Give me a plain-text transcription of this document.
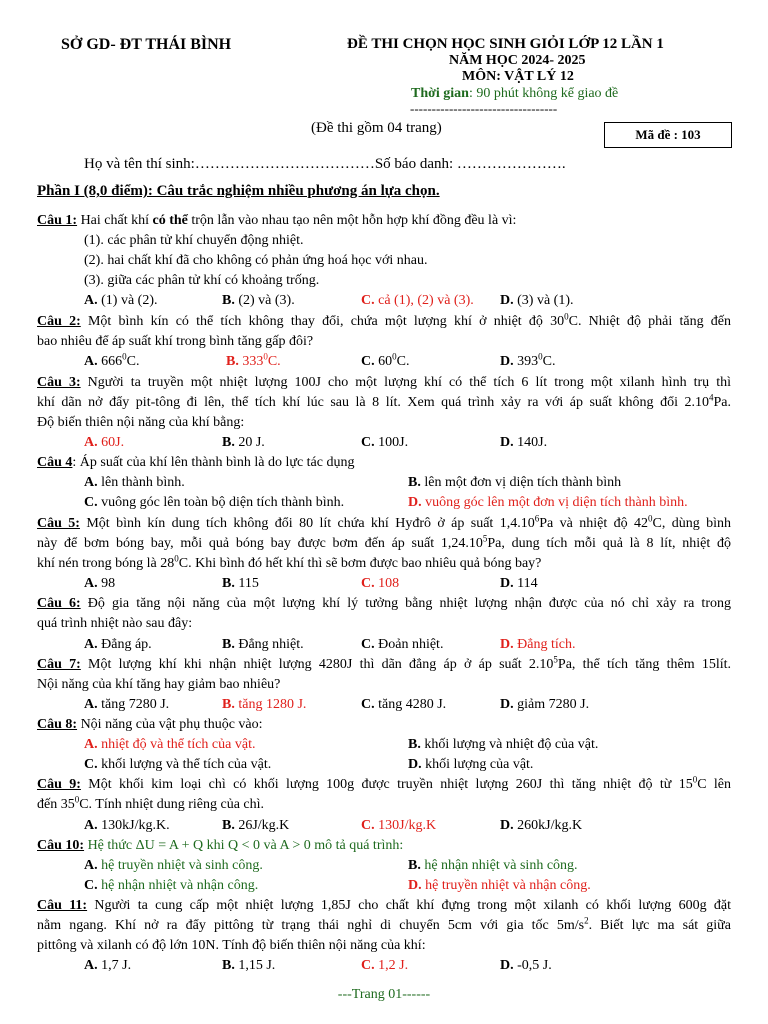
SỞ GD- ĐT THÁI BÌNH	ĐỀ THI CHỌN HỌC SINH GIỎI LỚP 12 LẦN 1
NĂM HỌC 2024- 2025
MÔN: VẬT LÝ 12
Thời gian: 90 phút không kể giao đề
----------------------------------
(Đề thi gồm 04 trang)	Mã đề : 103
Họ và tên thí sinh:………………………………Số báo danh: ………………….
Phần I (8,0 điểm): Câu trắc nghiệm nhiều phương án lựa chọn.
Câu 1: Hai chất khí có thể trộn lẫn vào nhau tạo nên một hỗn hợp khí đồng đều là vì:
(1). các phân tử khí chuyển động nhiệt.
(2). hai chất khí đã cho không có phản ứng hoá học với nhau.
(3). giữa các phân tử khí có khoảng trống.
A. (1) và (2).	B. (2) và (3).	C. cả (1), (2) và (3). D. (3) và (1).
Câu 2: Một bình kín có thể tích không thay đổi, chứa một lượng khí ở nhiệt độ $30^0C$. Nhiệt độ phải tăng đến
bao nhiêu để áp suất khí trong bình tăng gấp đôi?
A. $666^0C$.	B. $333^0C$.	C. $60^0C$.	D. $393^0C$.
Câu 3: Người ta truyền một nhiệt lượng 100J cho một lượng khí có thể tích 6 lít trong một xilanh hình trụ thì
khí dãn nở đẩy pit-tông đi lên, thể tích khí lúc sau là 8 lít. Xem quá trình xảy ra với áp suất không đổi 2.10$^4$Pa.
Độ biến thiên nội năng của khí bằng:
A. 60J.	B. 20 J.	C. 100J.	D. 140J.
Câu 4: Áp suất của khí lên thành bình là do lực tác dụng
A. lên thành bình.	B. lên một đơn vị diện tích thành bình
C. vuông góc lên toàn bộ diện tích thành bình.	D. vuông góc lên một đơn vị diện tích thành bình.
Câu 5: Một bình kín dung tích không đổi 80 lít chứa khí Hyđrô ở áp suất 1,4.10$^6$Pa và nhiệt độ $42^0C$, dùng bình
này để bơm bóng bay, mỗi quả bóng bay được bơm đến áp suất 1,24.10$^5$Pa, dung tích mỗi quả là 8 lít, nhiệt độ
khí nén trong bóng là $28^0C$. Khi bình đó hết khí thì sẽ bơm được bao nhiêu quả bóng bay?
A. 98	B. 115	C. 108	D. 114
Câu 6: Độ gia tăng nội năng của một lượng khí lý tưởng bằng nhiệt lượng nhận được của nó chỉ xảy ra trong
quá trình nhiệt nào sau đây:
A. Đẳng áp.	B. Đẳng nhiệt.	C. Đoản nhiệt.	D. Đẳng tích.
Câu 7: Một lượng khí khi nhận nhiệt lượng 4280J thì dãn đẳng áp ở áp suất 2.10$^5$Pa, thể tích tăng thêm 15lít.
Nội năng của khí tăng hay giảm bao nhiêu?
A. tăng 7280 J.	B. tăng 1280 J.	C. tăng 4280 J.	D. giảm 7280 J.
Câu 8: Nội năng của vật phụ thuộc vào:
A. nhiệt độ và thể tích của vật.	B. khối lượng và nhiệt độ của vật.
C. khối lượng và thể tích của vật.	D. khối lượng của vật.
Câu 9: Một khối kim loại chì có khối lượng 100g được truyền nhiệt lượng 260J thì tăng nhiệt độ từ $15^0C$ lên
đến $35^0C$. Tính nhiệt dung riêng của chì.
A. 130kJ/kg.K.	B. 26J/kg.K	C. 130J/kg.K	D. 260kJ/kg.K
Câu 10: Hệ thức ΔU = A + Q khi Q < 0 và A > 0 mô tả quá trình:
A. hệ truyền nhiệt và sinh công.	B. hệ nhận nhiệt và sinh công.
C. hệ nhận nhiệt và nhận công.	D. hệ truyền nhiệt và nhận công.
Câu 11: Người ta cung cấp một nhiệt lượng 1,85J cho chất khí đựng trong một xilanh có khối lượng 600g đặt
nằm ngang. Khí nở ra đẩy pittông từ trạng thái nghỉ di chuyển 5cm với gia tốc $5m/s^2$. Biết lực ma sát giữa
pittông và xilanh có độ lớn 10N. Tính độ biến thiên nội năng của khí:
A. 1,7 J.	B. 1,15 J.	C. 1,2 J.	D. -0,5 J.
---Trang 01------
